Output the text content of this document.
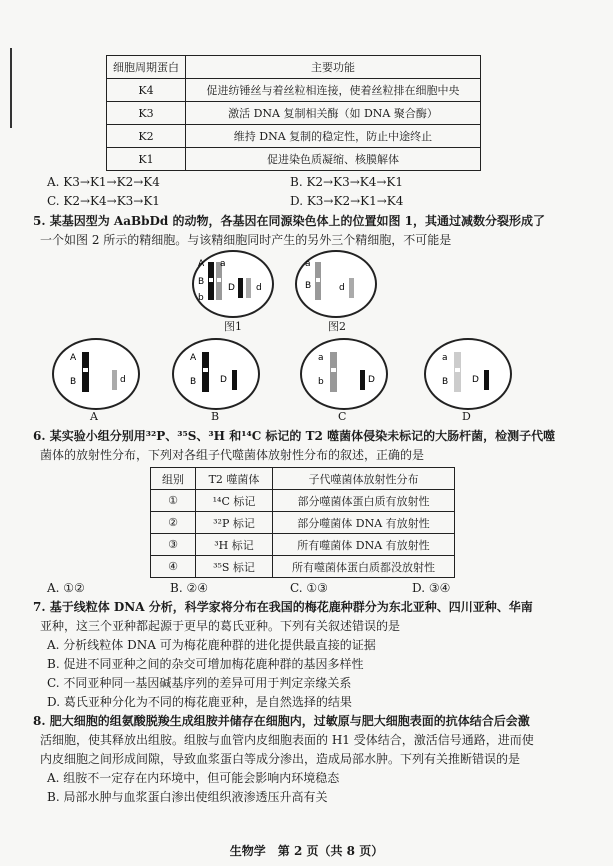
细胞周期蛋白	主要功能
K4	促进纺锤丝与着丝粒相连接，使着丝粒排在细胞中央
K3	激活 DNA 复制相关酶（如 DNA 聚合酶）
K2	维持 DNA 复制的稳定性，防止中途终止
K1	促进染色质凝缩、核膜解体
A. K3→K1→K2→K4	B. K2→K3→K4→K1
C. K2→K4→K3→K1	D. K3→K2→K1→K4
5. 某基因型为 AaBbDd 的动物，各基因在同源染色体上的位置如图 1，其通过减数分裂形成了
一个如图 2 所示的精细胞。与该精细胞同时产生的另外三个精细胞，不可能是
A
B
b
D d
a
图1
a
B	d
图2
A
B	d
A
A
B	D
B
a
b	D
C
a
B	D
D
6. 某实验小组分别用³²P、³⁵S、³H 和¹⁴C 标记的 T2 噬菌体侵染未标记的大肠杆菌，检测子代噬
菌体的放射性分布，下列对各组子代噬菌体放射性分布的叙述，正确的是
组别	T2 噬菌体	子代噬菌体放射性分布
①	¹⁴C 标记	部分噬菌体蛋白质有放射性
②	³²P 标记	部分噬菌体 DNA 有放射性
③	³H 标记	所有噬菌体 DNA 有放射性
④	³⁵S 标记	所有噬菌体蛋白质都没放射性
A. ①②	B. ②④	C. ①③	D. ③④
7. 基于线粒体 DNA 分析，科学家将分布在我国的梅花鹿种群分为东北亚种、四川亚种、华南
亚种，这三个亚种都起源于更早的葛氏亚种。下列有关叙述错误的是
A. 分析线粒体 DNA 可为梅花鹿种群的进化提供最直接的证据
B. 促进不同亚种之间的杂交可增加梅花鹿种群的基因多样性
C. 不同亚种同一基因碱基序列的差异可用于判定亲缘关系
D. 葛氏亚种分化为不同的梅花鹿亚种，是自然选择的结果
8. 肥大细胞的组氨酸脱羧生成组胺并储存在细胞内，过敏原与肥大细胞表面的抗体结合后会激
活细胞，使其释放出组胺。组胺与血管内皮细胞表面的 H1 受体结合，激活信号通路，进而使
内皮细胞之间形成间隙，导致血浆蛋白等成分渗出，造成局部水肿。下列有关推断错误的是
A. 组胺不一定存在内环境中，但可能会影响内环境稳态
B. 局部水肿与血浆蛋白渗出使组织液渗透压升高有关
生物学　第 2 页（共 8 页）
